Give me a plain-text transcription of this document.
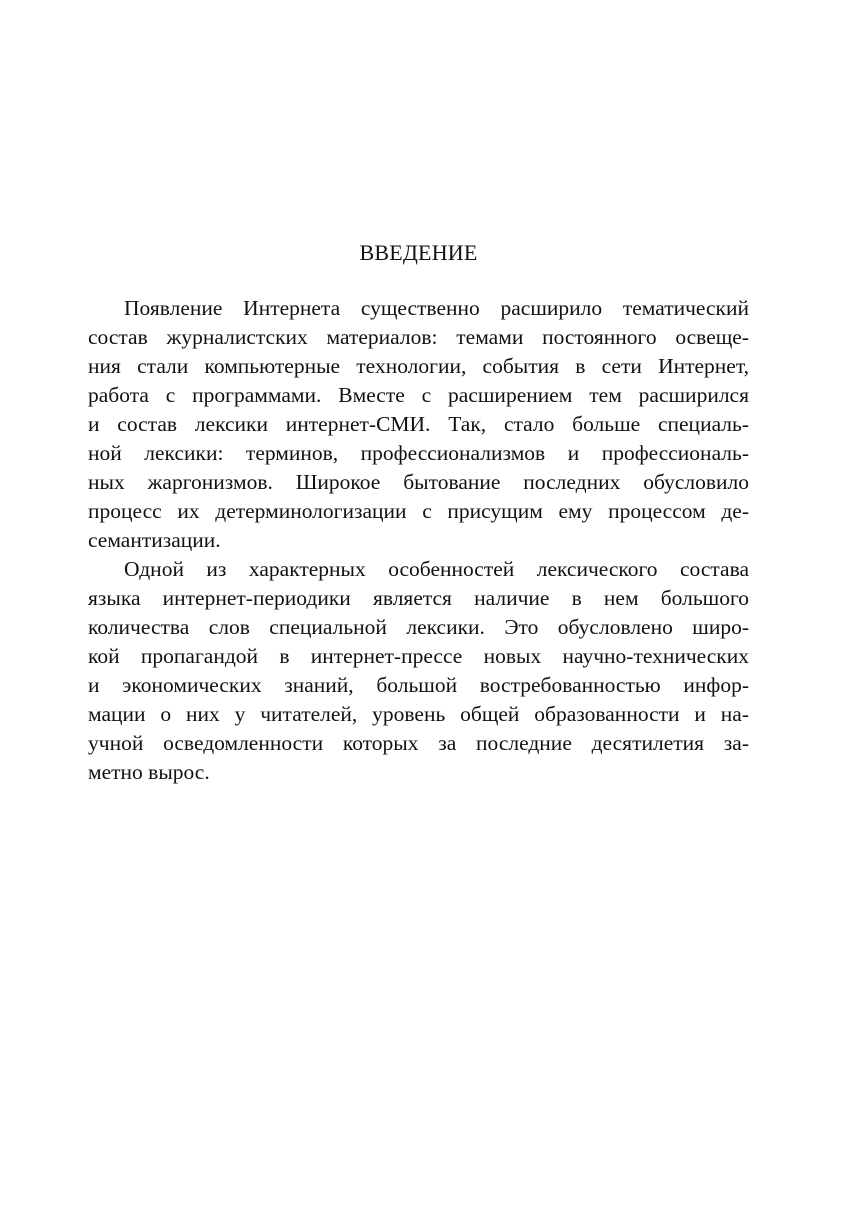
ВВЕДЕНИЕ
Появление Интернета существенно расширило тематический
состав журналистских материалов: темами постоянного освеще-
ния стали компьютерные технологии, события в сети Интернет,
работа с программами. Вместе с расширением тем расширился
и состав лексики интернет-СМИ. Так, стало больше специаль-
ной лексики: терминов, профессионализмов и профессиональ-
ных жаргонизмов. Широкое бытование последних обусловило
процесс их детерминологизации с присущим ему процессом де-
семантизации.
Одной из характерных особенностей лексического состава
языка интернет-периодики является наличие в нем большого
количества слов специальной лексики. Это обусловлено широ-
кой пропагандой в интернет-прессе новых научно-технических
и экономических знаний, большой востребованностью инфор-
мации о них у читателей, уровень общей образованности и на-
учной осведомленности которых за последние десятилетия за-
метно вырос.
